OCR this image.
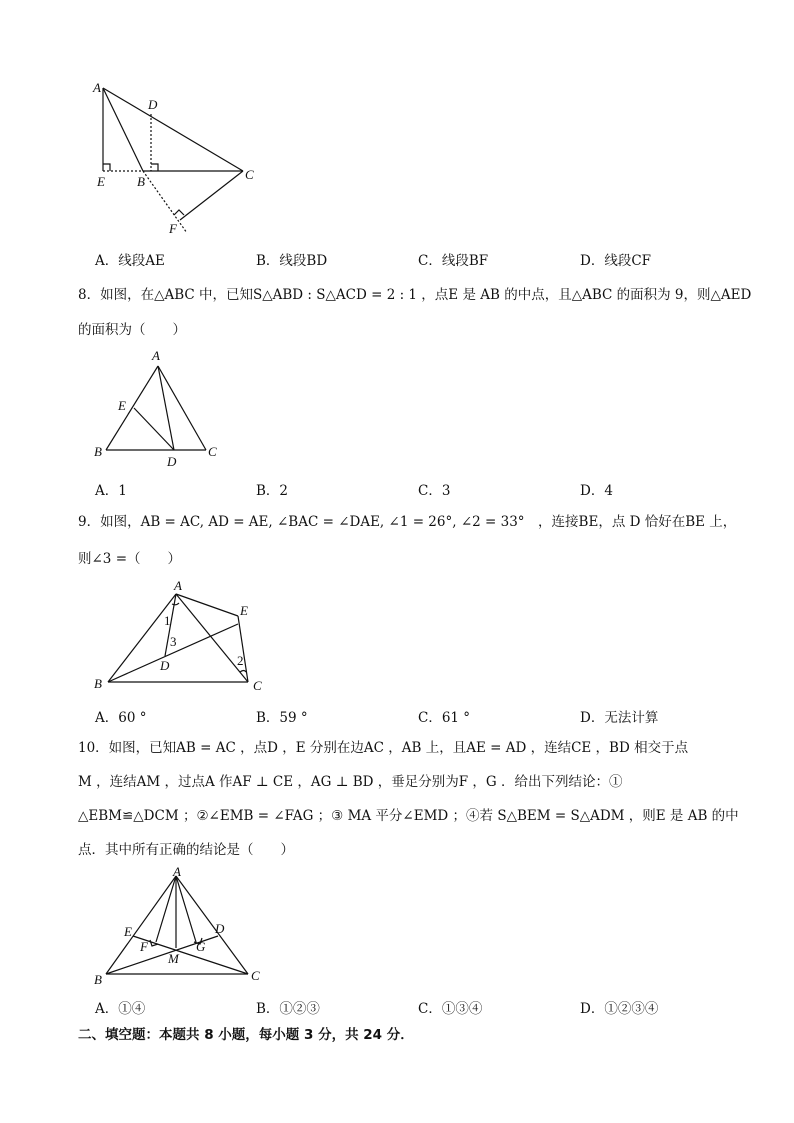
A
D
E B	C
F
A．线段AE	B．线段BD	C．线段BF	D．线段CF
8．如图，在△ABC 中，已知S△ABD : S△ACD = 2 : 1 ，点E 是 AB 的中点，且△ABC 的面积为 9，则△AED
的面积为（　　）
A
E
B
D
C
A．1	B．2	C．3	D．4
9．如图，AB = AC, AD = AE, ∠BAC = ∠DAE, ∠1 = 26°, ∠2 = 33°　，连接BE，点 D 恰好在BE 上，
则∠3 =（　　）
A
E
1
3
D	2
B	C
A．60 °	B．59 °	C．61 °	D．无法计算
10．如图，已知AB = AC ，点D ，E 分别在边AC ，AB 上，且AE = AD ，连结CE ，BD 相交于点
M ，连结AM ，过点A 作AF ⊥ CE ，AG ⊥ BD ，垂足分别为F ，G ．给出下列结论：①
△EBM≌△DCM ；②∠EMB = ∠FAG ；③ MA 平分∠EMD ；④若 S△BEM = S△ADM ，则E 是 AB 的中
点．其中所有正确的结论是（　　）
A
E	D
F	G
M
B	C
A．①④	B．①②③	C．①③④	D．①②③④
二、填空题：本题共 8 小题，每小题 3 分，共 24 分．
